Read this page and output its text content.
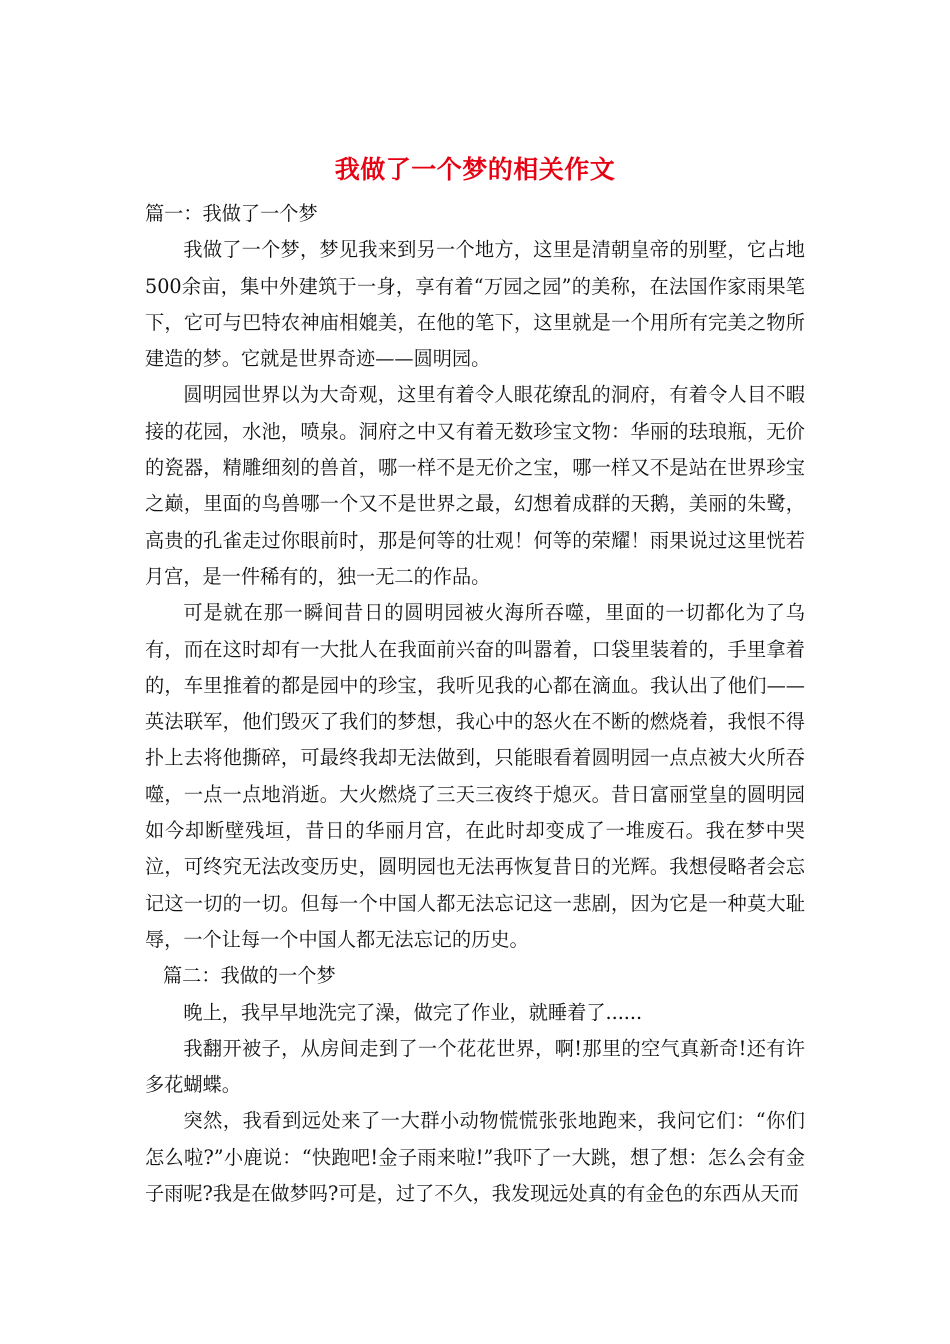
我做了一个梦的相关作文

篇一：我做了一个梦

我做了一个梦，梦见我来到另一个地方，这里是清朝皇帝的别墅，它占地500余亩，集中外建筑于一身，享有着“万园之园”的美称，在法国作家雨果笔下，它可与巴特农神庙相媲美，在他的笔下，这里就是一个用所有完美之物所建造的梦。它就是世界奇迹——圆明园。

圆明园世界以为大奇观，这里有着令人眼花缭乱的洞府，有着令人目不暇接的花园，水池，喷泉。洞府之中又有着无数珍宝文物：华丽的珐琅瓶，无价的瓷器，精雕细刻的兽首，哪一样不是无价之宝，哪一样又不是站在世界珍宝之巅，里面的鸟兽哪一个又不是世界之最，幻想着成群的天鹅，美丽的朱鹭，高贵的孔雀走过你眼前时，那是何等的壮观！何等的荣耀！雨果说过这里恍若月宫，是一件稀有的，独一无二的作品。

可是就在那一瞬间昔日的圆明园被火海所吞噬，里面的一切都化为了乌有，而在这时却有一大批人在我面前兴奋的叫嚣着，口袋里装着的，手里拿着的，车里推着的都是园中的珍宝，我听见我的心都在滴血。我认出了他们——英法联军，他们毁灭了我们的梦想，我心中的怒火在不断的燃烧着，我恨不得扑上去将他撕碎，可最终我却无法做到，只能眼看着圆明园一点点被大火所吞噬，一点一点地消逝。大火燃烧了三天三夜终于熄灭。昔日富丽堂皇的圆明园如今却断壁残垣，昔日的华丽月宫，在此时却变成了一堆废石。我在梦中哭泣，可终究无法改变历史，圆明园也无法再恢复昔日的光辉。我想侵略者会忘记这一切的一切。但每一个中国人都无法忘记这一悲剧，因为它是一种莫大耻辱，一个让每一个中国人都无法忘记的历史。

篇二：我做的一个梦

晚上，我早早地洗完了澡，做完了作业，就睡着了......

我翻开被子，从房间走到了一个花花世界，啊!那里的空气真新奇!还有许多花蝴蝶。

突然，我看到远处来了一大群小动物慌慌张张地跑来，我问它们：“你们怎么啦?”小鹿说：“快跑吧!金子雨来啦!”我吓了一大跳，想了想：怎么会有金子雨呢?我是在做梦吗?可是，过了不久，我发现远处真的有金色的东西从天而
